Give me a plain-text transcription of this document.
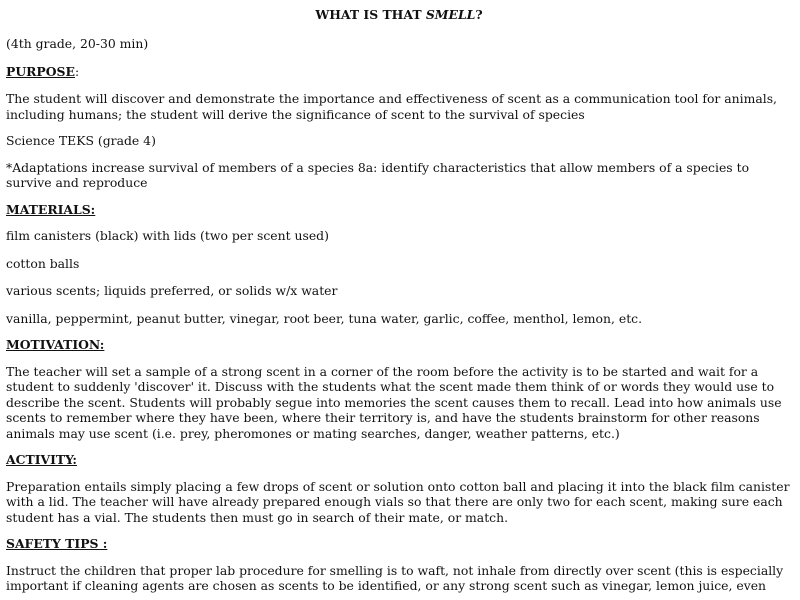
WHAT IS THAT SMELL?

(4th grade, 20-30 min)

PURPOSE:

The student will discover and demonstrate the importance and effectiveness of scent as a communication tool for animals, including humans; the student will derive the significance of scent to the survival of species

Science TEKS (grade 4)

*Adaptations increase survival of members of a species 8a: identify characteristics that allow members of a species to survive and reproduce

MATERIALS:

film canisters (black) with lids (two per scent used)

cotton balls

various scents; liquids preferred, or solids w/x water

vanilla, peppermint, peanut butter, vinegar, root beer, tuna water, garlic, coffee, menthol, lemon, etc.

MOTIVATION:

The teacher will set a sample of a strong scent in a corner of the room before the activity is to be started and wait for a student to suddenly 'discover' it. Discuss with the students what the scent made them think of or words they would use to describe the scent. Students will probably segue into memories the scent causes them to recall. Lead into how animals use scents to remember where they have been, where their territory is, and have the students brainstorm for other reasons animals may use scent (i.e. prey, pheromones or mating searches, danger, weather patterns, etc.)

ACTIVITY:

Preparation entails simply placing a few drops of scent or solution onto cotton ball and placing it into the black film canister with a lid. The teacher will have already prepared enough vials so that there are only two for each scent, making sure each student has a vial. The students then must go in search of their mate, or match.

SAFETY TIPS :

Instruct the children that proper lab procedure for smelling is to waft, not inhale from directly over scent (this is especially important if cleaning agents are chosen as scents to be identified, or any strong scent such as vinegar, lemon juice, even
